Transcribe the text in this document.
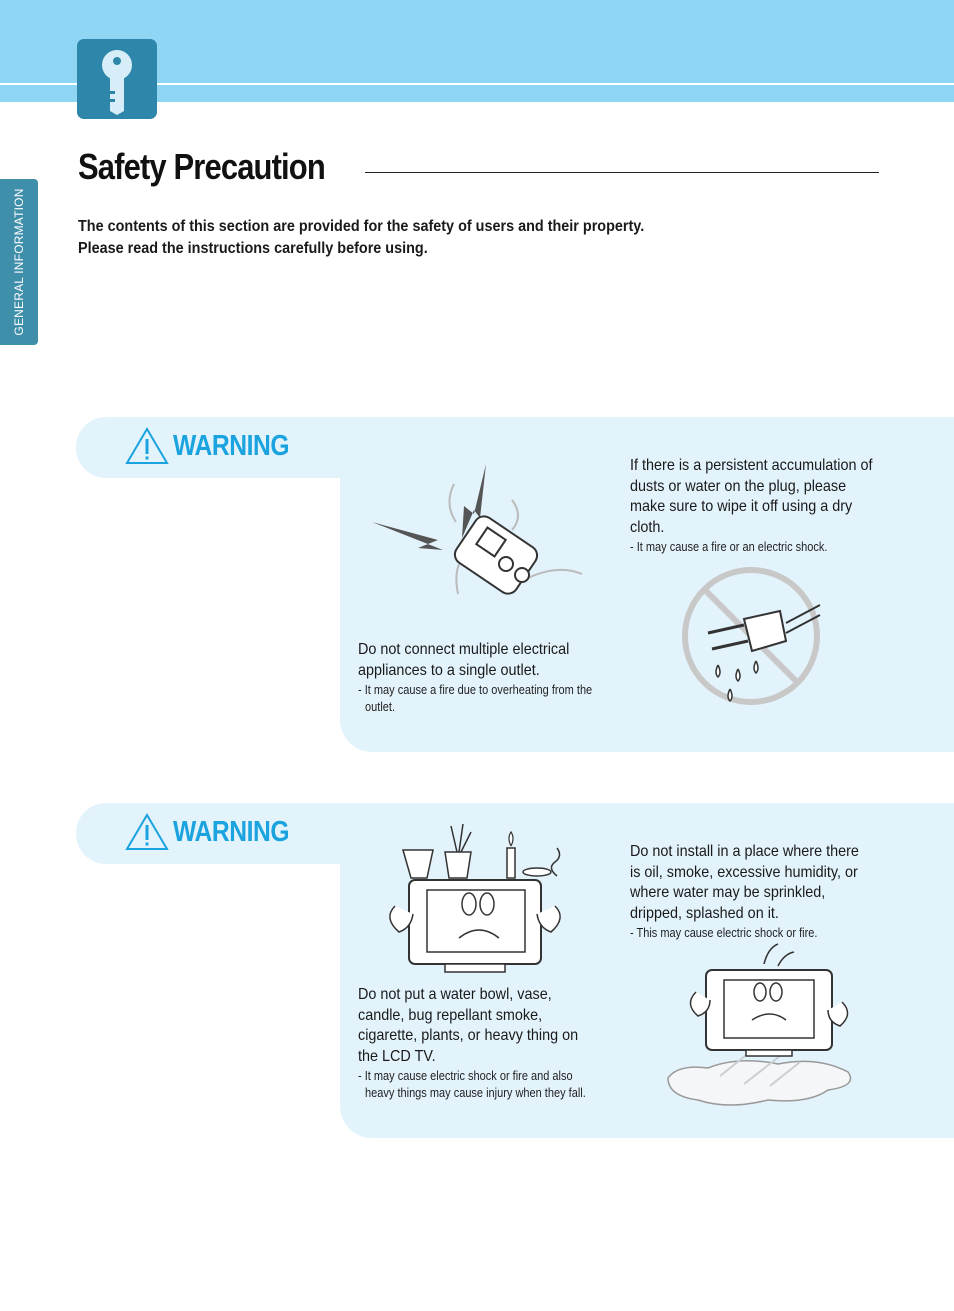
GENERAL INFORMATION
Safety Precaution

The contents of this section are provided for the safety of users and their property.

Please read the instructions carefully before using.

WARNING
Do not connect multiple electrical appliances to a single outlet.
- It may cause a fire due to overheating from the outlet.
If there is a persistent accumulation of dusts or water on the plug, please make sure to wipe it off using a dry cloth.
- It may cause a fire or an electric shock.
WARNING
Do not put a water bowl, vase, candle, bug repellant smoke, cigarette, plants, or heavy thing on the LCD TV.
- It may cause electric shock or fire and also heavy things may cause injury when they fall.
Do not install in a place where there is oil, smoke, excessive humidity, or where water may be sprinkled, dripped, splashed on it.
- This may cause electric shock or fire.
